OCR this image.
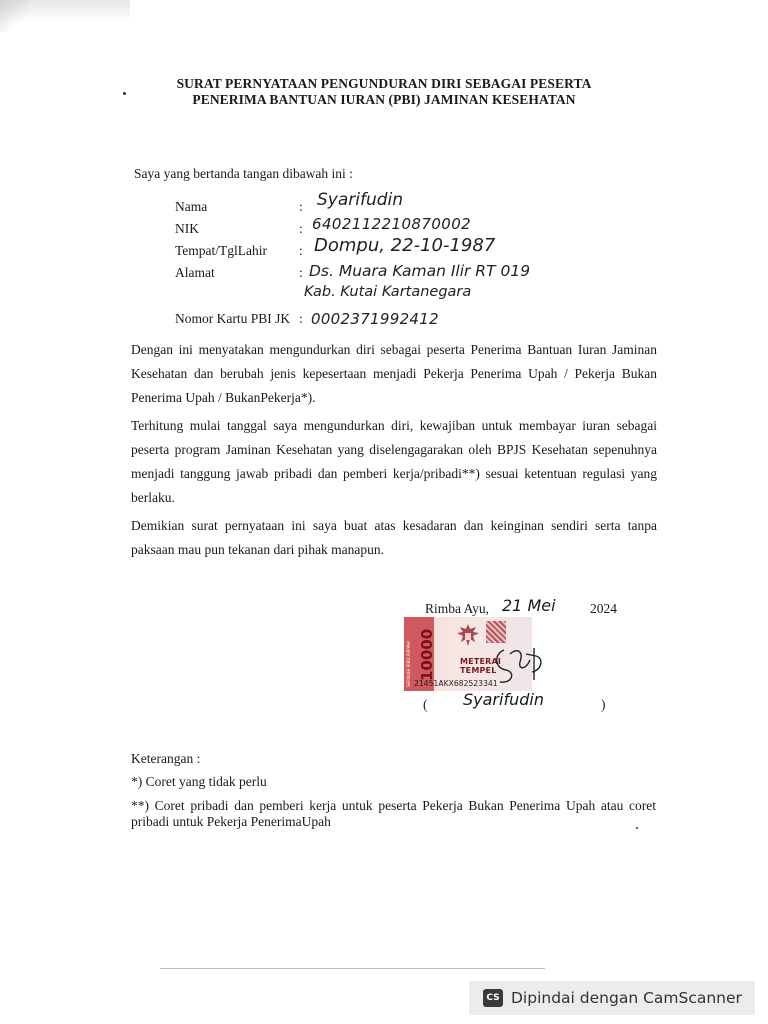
SURAT PERNYATAAN PENGUNDURAN DIRI SEBAGAI PESERTA
PENERIMA BANTUAN IURAN (PBI) JAMINAN KESEHATAN
Saya yang bertanda tangan dibawah ini :
Nama	: Syarifudin
NIK	: 6402112210870002
Tempat/TglLahir : Dompu, 22-10-1987
Alamat	: Ds. Muara Kaman Ilir RT 019
Kab. Kutai Kartanegara
Nomor Kartu PBI JK : 0002371992412
Dengan ini menyatakan mengundurkan diri sebagai peserta Penerima Bantuan Iuran Jaminan Kesehatan dan berubah jenis kepesertaan menjadi Pekerja Penerima Upah / Pekerja Bukan Penerima Upah / BukanPekerja*).
Terhitung mulai tanggal saya mengundurkan diri, kewajiban untuk membayar iuran sebagai peserta program Jaminan Kesehatan yang diselengagarakan oleh BPJS Kesehatan sepenuhnya menjadi tanggung jawab pribadi dan pemberi kerja/pribadi**) sesuai ketentuan regulasi yang berlaku.
Demikian surat pernyataan ini saya buat atas kesadaran dan keinginan sendiri serta tanpa paksaan mau pun tekanan dari pihak manapun.
Rimba Ayu, 21 Mei	2024
SEPULUH RIBU RUPIAH 10000	METERAI
TEMPEL
21451AKX682523341
( Syarifudin	)
Keterangan :
*) Coret yang tidak perlu
**) Coret pribadi dan pemberi kerja untuk peserta Pekerja Bukan Penerima Upah atau coret pribadi untuk Pekerja PenerimaUpah
CS Dipindai dengan CamScanner
